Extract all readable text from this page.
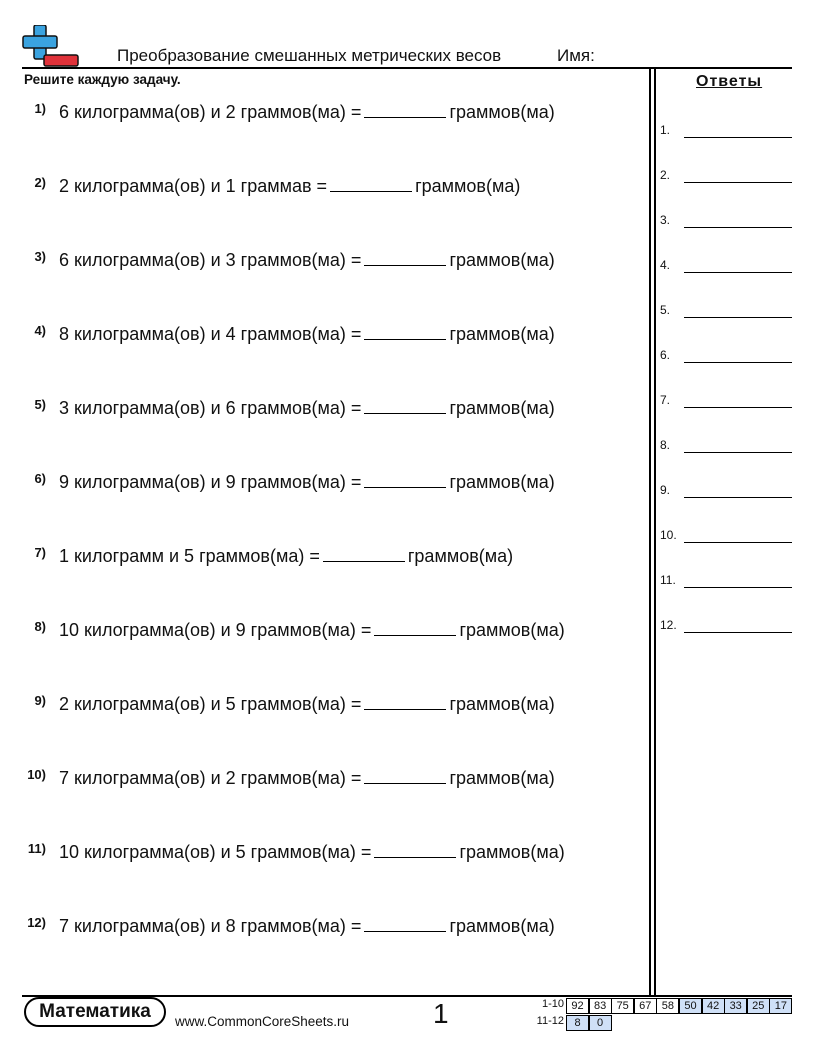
Преобразование смешанных метрических весов	Имя:
Решите каждую задачу.
1) 6 килограмма(ов) и 2 граммов(ма) =	граммов(ма)
2) 2 килограмма(ов) и 1 граммав =	граммов(ма)
3) 6 килограмма(ов) и 3 граммов(ма) =	граммов(ма)
4) 8 килограмма(ов) и 4 граммов(ма) =	граммов(ма)
5) 3 килограмма(ов) и 6 граммов(ма) =	граммов(ма)
6) 9 килограмма(ов) и 9 граммов(ма) =	граммов(ма)
7) 1 килограмм и 5 граммов(ма) =	граммов(ма)
8) 10 килограмма(ов) и 9 граммов(ма) =	граммов(ма)
9) 2 килограмма(ов) и 5 граммов(ма) =	граммов(ма)
10) 7 килограмма(ов) и 2 граммов(ма) =	граммов(ма)
11) 10 килограмма(ов) и 5 граммов(ма) =	граммов(ма)
12) 7 килограмма(ов) и 8 граммов(ма) =	граммов(ма)
Ответы
1.
2.
3.
4.
5.
6.
7.
8.
9.
10.
11.
12.
Математика	www.CommonCoreSheets.ru	1	1-10 92 83 75 67 58 50 42 33 25 17
11-12 8	0
